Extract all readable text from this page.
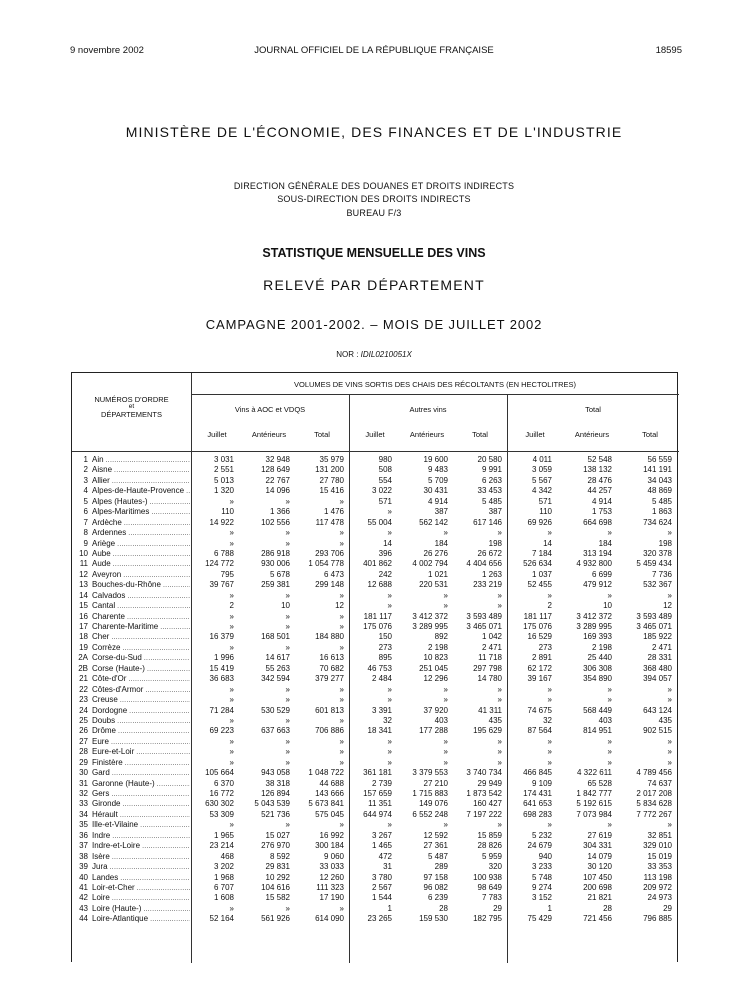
9 novembre 2002	JOURNAL OFFICIEL DE LA RÉPUBLIQUE FRANÇAISE	18595
MINISTÈRE DE L'ÉCONOMIE, DES FINANCES ET DE L'INDUSTRIE
DIRECTION GÉNÉRALE DES DOUANES ET DROITS INDIRECTS
SOUS-DIRECTION DES DROITS INDIRECTS
BUREAU F/3
STATISTIQUE MENSUELLE DES VINS
RELEVÉ PAR DÉPARTEMENT
CAMPAGNE 2001-2002. – MOIS DE JUILLET 2002
NOR : IDIL0210051X
NUMÉROS D'ORDRE
et
DÉPARTEMENTS
VOLUMES DE VINS SORTIS DES CHAIS DES RÉCOLTANTS (EN HECTOLITRES)
Vins à AOC et VDQS	Autres vins	Total
Juillet	Antérieurs	Total	Juillet	Antérieurs	Total	Juillet	Antérieurs	Total
1 Ain .....	3 031	32 948	35 979	980	19 600	20 580	4 011	52 548	56 559
2 Aisne .....	2 551	128 649	131 200	508	9 483	9 991	3 059	138 132	141 191
3 Allier .....	5 013	22 767	27 780	554	5 709	6 263	5 567	28 476	34 043
4 Alpes-de-Haute-Provence .....	1 320	14 096	15 416	3 022	30 431	33 453	4 342	44 257	48 869
5 Alpes (Hautes-) .....	»	»	»	571	4 914	5 485	571	4 914	5 485
6 Alpes-Maritimes .....	110	1 366	1 476	»	387	387	110	1 753	1 863
7 Ardèche .....	14 922	102 556	117 478	55 004	562 142	617 146	69 926	664 698	734 624
8 Ardennes .....	»	»	»	»	»	»	»	»	»
9 Ariège .....	»	»	»	14	184	198	14	184	198
10 Aube .....	6 788	286 918	293 706	396	26 276	26 672	7 184	313 194	320 378
11 Aude .....	124 772	930 006	1 054 778	401 862	4 002 794	4 404 656	526 634	4 932 800	5 459 434
12 Aveyron .....	795	5 678	6 473	242	1 021	1 263	1 037	6 699	7 736
13 Bouches-du-Rhône .....	39 767	259 381	299 148	12 688	220 531	233 219	52 455	479 912	532 367
14 Calvados .....	»	»	»	»	»	»	»	»	»
15 Cantal .....	2	10	12	»	»	»	2	10	12
16 Charente .....	»	»	»	181 117	3 412 372	3 593 489	181 117	3 412 372	3 593 489
17 Charente-Maritime .....	»	»	»	175 076	3 289 995	3 465 071	175 076	3 289 995	3 465 071
18 Cher .....	16 379	168 501	184 880	150	892	1 042	16 529	169 393	185 922
19 Corrèze .....	»	»	»	273	2 198	2 471	273	2 198	2 471
2A Corse-du-Sud .....	1 996	14 617	16 613	895	10 823	11 718	2 891	25 440	28 331
2B Corse (Haute-) .....	15 419	55 263	70 682	46 753	251 045	297 798	62 172	306 308	368 480
21 Côte-d'Or .....	36 683	342 594	379 277	2 484	12 296	14 780	39 167	354 890	394 057
22 Côtes-d'Armor .....	»	»	»	»	»	»	»	»	»
23 Creuse .....	»	»	»	»	»	»	»	»	»
24 Dordogne .....	71 284	530 529	601 813	3 391	37 920	41 311	74 675	568 449	643 124
25 Doubs .....	»	»	»	32	403	435	32	403	435
26 Drôme .....	69 223	637 663	706 886	18 341	177 288	195 629	87 564	814 951	902 515
27 Eure .....	»	»	»	»	»	»	»	»	»
28 Eure-et-Loir .....	»	»	»	»	»	»	»	»	»
29 Finistère .....	»	»	»	»	»	»	»	»	»
30 Gard .....	105 664	943 058	1 048 722	361 181	3 379 553	3 740 734	466 845	4 322 611	4 789 456
31 Garonne (Haute-) .....	6 370	38 318	44 688	2 739	27 210	29 949	9 109	65 528	74 637
32 Gers .....	16 772	126 894	143 666	157 659	1 715 883	1 873 542	174 431	1 842 777	2 017 208
33 Gironde .....	630 302	5 043 539	5 673 841	11 351	149 076	160 427	641 653	5 192 615	5 834 628
34 Hérault .....	53 309	521 736	575 045	644 974	6 552 248	7 197 222	698 283	7 073 984	7 772 267
35 Ille-et-Vilaine .....	»	»	»	»	»	»	»	»	»
36 Indre .....	1 965	15 027	16 992	3 267	12 592	15 859	5 232	27 619	32 851
37 Indre-et-Loire .....	23 214	276 970	300 184	1 465	27 361	28 826	24 679	304 331	329 010
38 Isère .....	468	8 592	9 060	472	5 487	5 959	940	14 079	15 019
39 Jura .....	3 202	29 831	33 033	31	289	320	3 233	30 120	33 353
40 Landes .....	1 968	10 292	12 260	3 780	97 158	100 938	5 748	107 450	113 198
41 Loir-et-Cher .....	6 707	104 616	111 323	2 567	96 082	98 649	9 274	200 698	209 972
42 Loire .....	1 608	15 582	17 190	1 544	6 239	7 783	3 152	21 821	24 973
43 Loire (Haute-) .....	»	»	»	1	28	29	1	28	29
44 Loire-Atlantique .....	52 164	561 926	614 090	23 265	159 530	182 795	75 429	721 456	796 885
